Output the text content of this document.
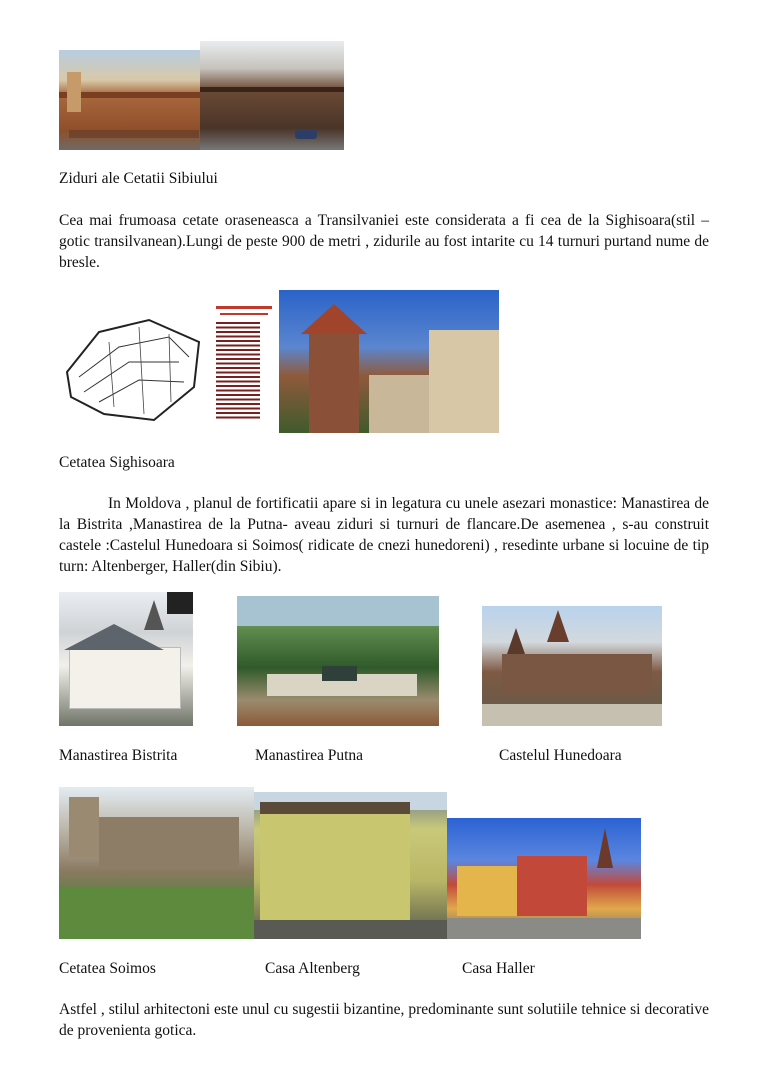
Ziduri ale Cetatii Sibiului
Cea mai frumoasa cetate oraseneasca a Transilvaniei este considerata a fi cea de la Sighisoara(stil – gotic transilvanean).Lungi de peste 900 de metri , zidurile au fost intarite cu 14 turnuri purtand nume de bresle.
Cetatea Sighisoara
In Moldova , planul de fortificatii apare si in legatura cu unele asezari monastice: Manastirea de la Bistrita ,Manastirea de la Putna- aveau ziduri si turnuri de flancare.De asemenea , s-au construit castele :Castelul Hunedoara si Soimos( ridicate de cnezi hunedoreni) , resedinte urbane si locuine de tip turn: Altenberger, Haller(din Sibiu).
Manastirea Bistrita	Manastirea Putna	Castelul Hunedoara
Cetatea Soimos	Casa Altenberg	Casa Haller
Astfel , stilul arhitectoni este unul cu sugestii bizantine, predominante sunt solutiile tehnice si decorative de provenienta gotica.
